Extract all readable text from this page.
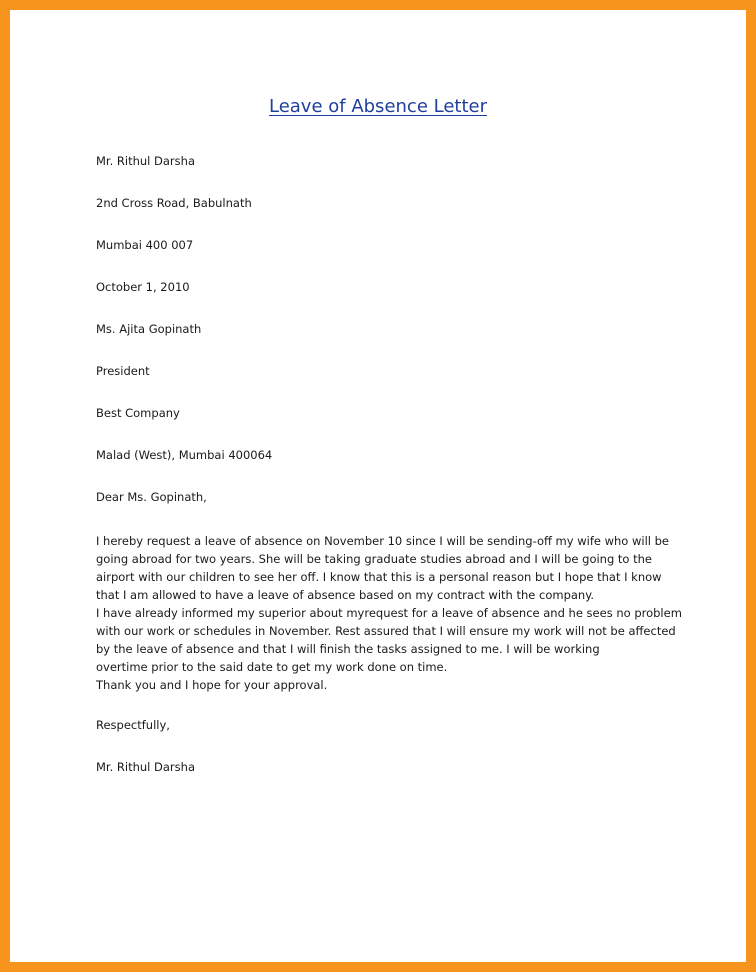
Leave of Absence Letter
Mr. Rithul Darsha
2nd Cross Road, Babulnath
Mumbai 400 007
October 1, 2010
Ms. Ajita Gopinath
President
Best Company
Malad (West), Mumbai 400064
Dear Ms. Gopinath,
I hereby request a leave of absence on November 10 since I will be sending-off my wife who will be
going abroad for two years. She will be taking graduate studies abroad and I will be going to the
airport with our children to see her off. I know that this is a personal reason but I hope that I know
that I am allowed to have a leave of absence based on my contract with the company.
I have already informed my superior about myrequest for a leave of absence and he sees no problem
with our work or schedules in November. Rest assured that I will ensure my work will not be affected
by the leave of absence and that I will finish the tasks assigned to me. I will be working
overtime prior to the said date to get my work done on time.
Thank you and I hope for your approval.
Respectfully,
Mr. Rithul Darsha
